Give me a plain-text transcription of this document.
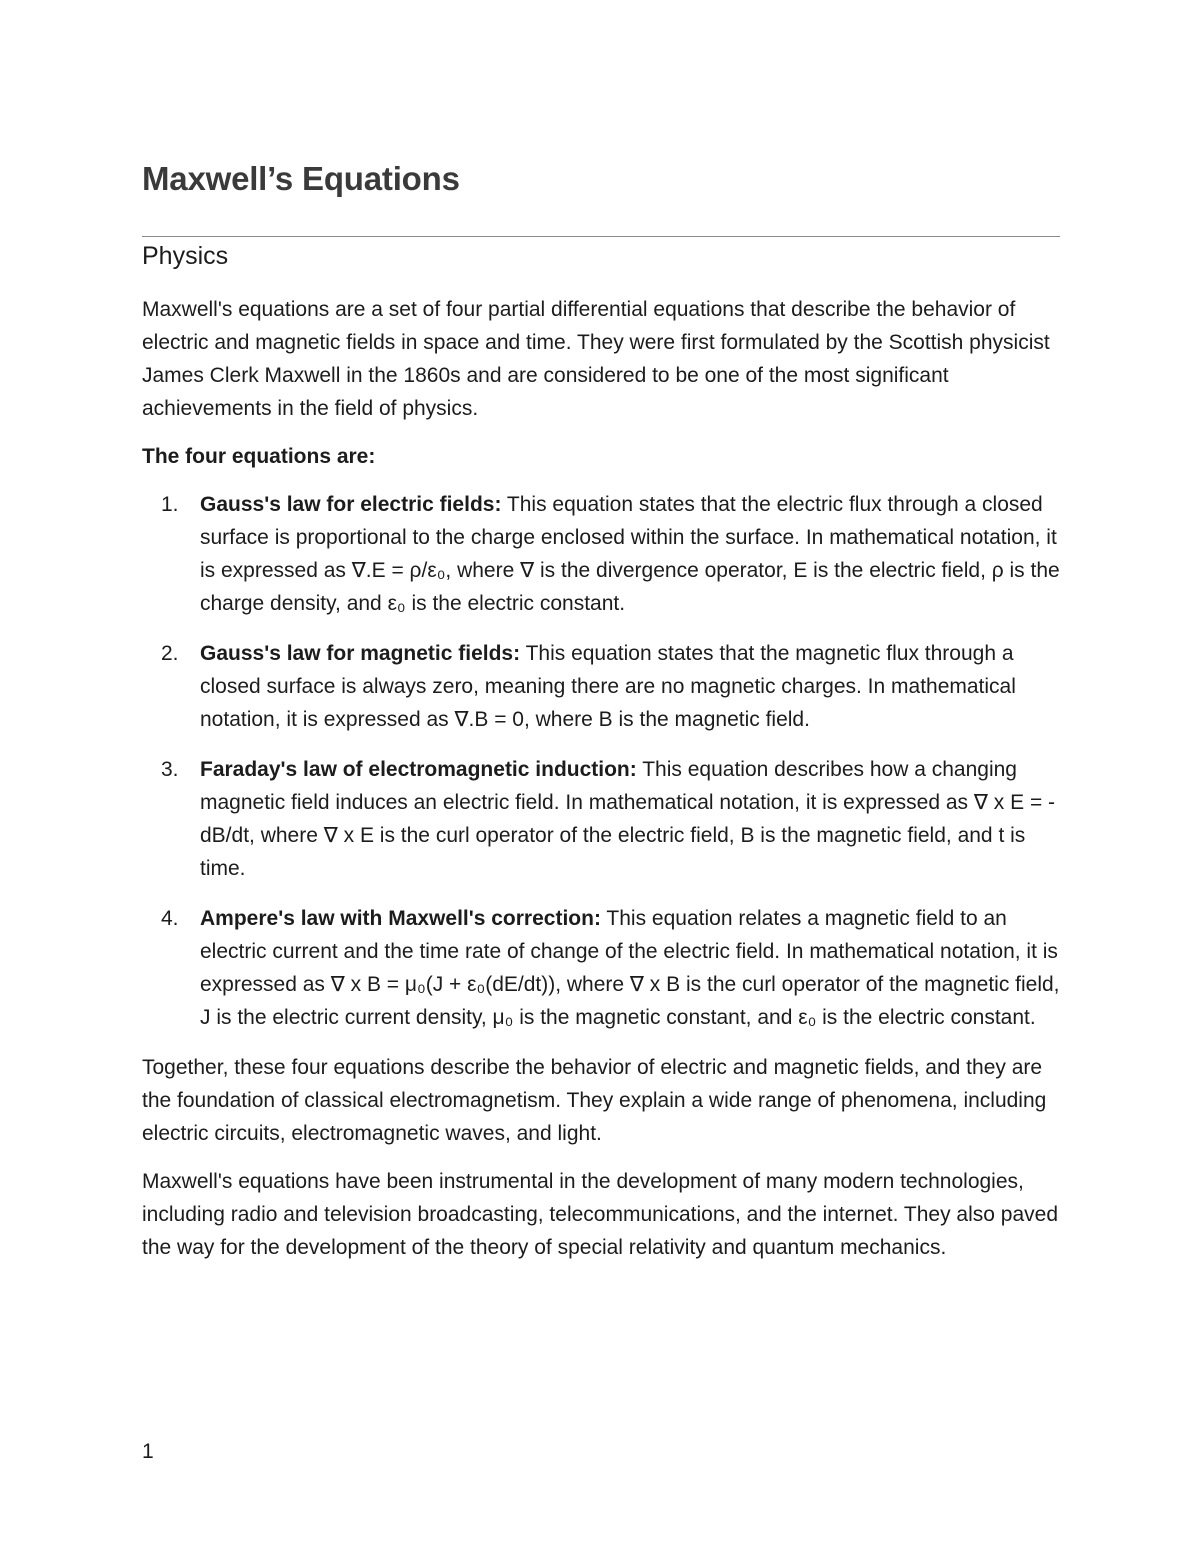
Maxwell’s Equations
Physics

Maxwell's equations are a set of four partial differential equations that describe the behavior of electric and magnetic fields in space and time. They were first formulated by the Scottish physicist James Clerk Maxwell in the 1860s and are considered to be one of the most significant achievements in the field of physics.

The four equations are:

1. Gauss's law for electric fields: This equation states that the electric flux through a closed surface is proportional to the charge enclosed within the surface. In mathematical notation, it is expressed as ∇.E = ρ/ε₀, where ∇ is the divergence operator, E is the electric field, ρ is the charge density, and ε₀ is the electric constant.
2. Gauss's law for magnetic fields: This equation states that the magnetic flux through a closed surface is always zero, meaning there are no magnetic charges. In mathematical notation, it is expressed as ∇.B = 0, where B is the magnetic field.
3. Faraday's law of electromagnetic induction: This equation describes how a changing magnetic field induces an electric field. In mathematical notation, it is expressed as ∇ x E = -dB/dt, where ∇ x E is the curl operator of the electric field, B is the magnetic field, and t is time.
4. Ampere's law with Maxwell's correction: This equation relates a magnetic field to an electric current and the time rate of change of the electric field. In mathematical notation, it is expressed as ∇ x B = μ₀(J + ε₀(dE/dt)), where ∇ x B is the curl operator of the magnetic field, J is the electric current density, μ₀ is the magnetic constant, and ε₀ is the electric constant.

Together, these four equations describe the behavior of electric and magnetic fields, and they are the foundation of classical electromagnetism. They explain a wide range of phenomena, including electric circuits, electromagnetic waves, and light.

Maxwell's equations have been instrumental in the development of many modern technologies, including radio and television broadcasting, telecommunications, and the internet. They also paved the way for the development of the theory of special relativity and quantum mechanics.

1
